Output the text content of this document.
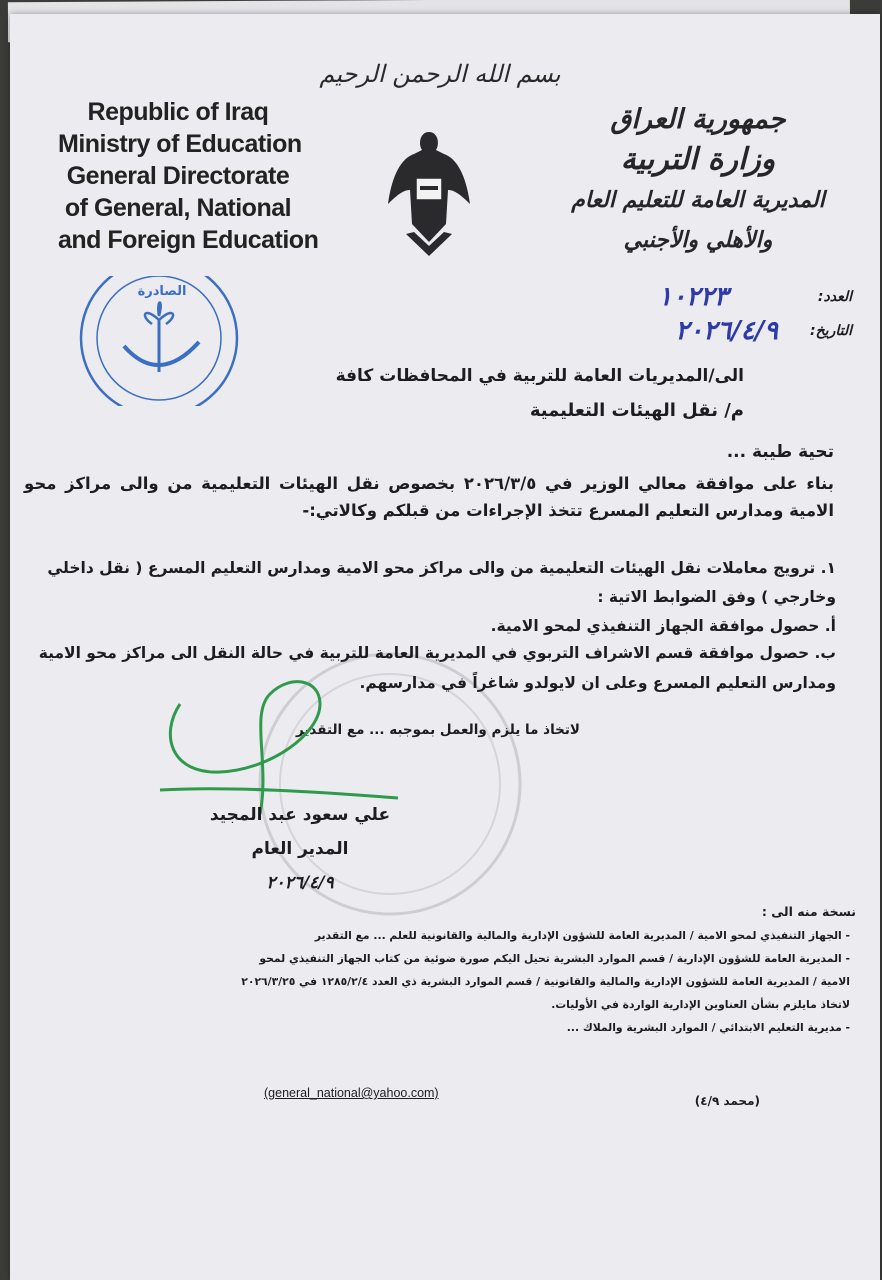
بسم الله الرحمن الرحيم
Republic of Iraq
Ministry of Education
General Directorate
of General, National
and Foreign Education
جمهورية العراق
وزارة التربية
المديرية العامة للتعليم العام
والأهلي والأجنبي
الصادرة	العدد:
١٠٢٢٣
التاريخ:
٢٠٢٦/٤/٩
الى/المديريات العامة للتربية في المحافظات كافة
م/ نقل الهيئات التعليمية
تحية طيبة ...
بناء على موافقة معالي الوزير في ٢٠٢٦/٣/٥ بخصوص نقل الهيئات التعليمية من والى مراكز محو الامية ومدارس التعليم المسرع تتخذ الإجراءات من قبلكم وكالاتي:-
١. ترويج معاملات نقل الهيئات التعليمية من والى مراكز محو الامية ومدارس التعليم المسرع ( نقل داخلي وخارجي ) وفق الضوابط الاتية :
أ. حصول موافقة الجهاز التنفيذي لمحو الامية.
ب. حصول موافقة قسم الاشراف التربوي في المديرية العامة للتربية في حالة النقل الى مراكز محو الامية ومدارس التعليم المسرع وعلى ان لايولدو شاغراً في مدارسهم.
لاتخاذ ما يلزم والعمل بموجبه ... مع التقدير
علي سعود عبد المجيد
المدير العام
٢٠٢٦/٤/٩
نسخة منه الى :
- الجهاز التنفيذي لمحو الامية / المديرية العامة للشؤون الإدارية والمالية والقانونية للعلم ... مع التقدير
- المديرية العامة للشؤون الإدارية / قسم الموارد البشرية تحيل اليكم صورة ضوئية من كتاب الجهاز التنفيذي لمحو
الامية / المديرية العامة للشؤون الإدارية والمالية والقانونية / قسم الموارد البشرية ذي العدد ١٢٨٥/٢/٤ في ٢٠٢٦/٣/٢٥
لاتخاذ مايلزم بشأن العناوين الإدارية الواردة في الأوليات.
- مديرية التعليم الابتدائي / الموارد البشرية والملاك ...
(general_national@yahoo.com)
(محمد ٤/٩)
